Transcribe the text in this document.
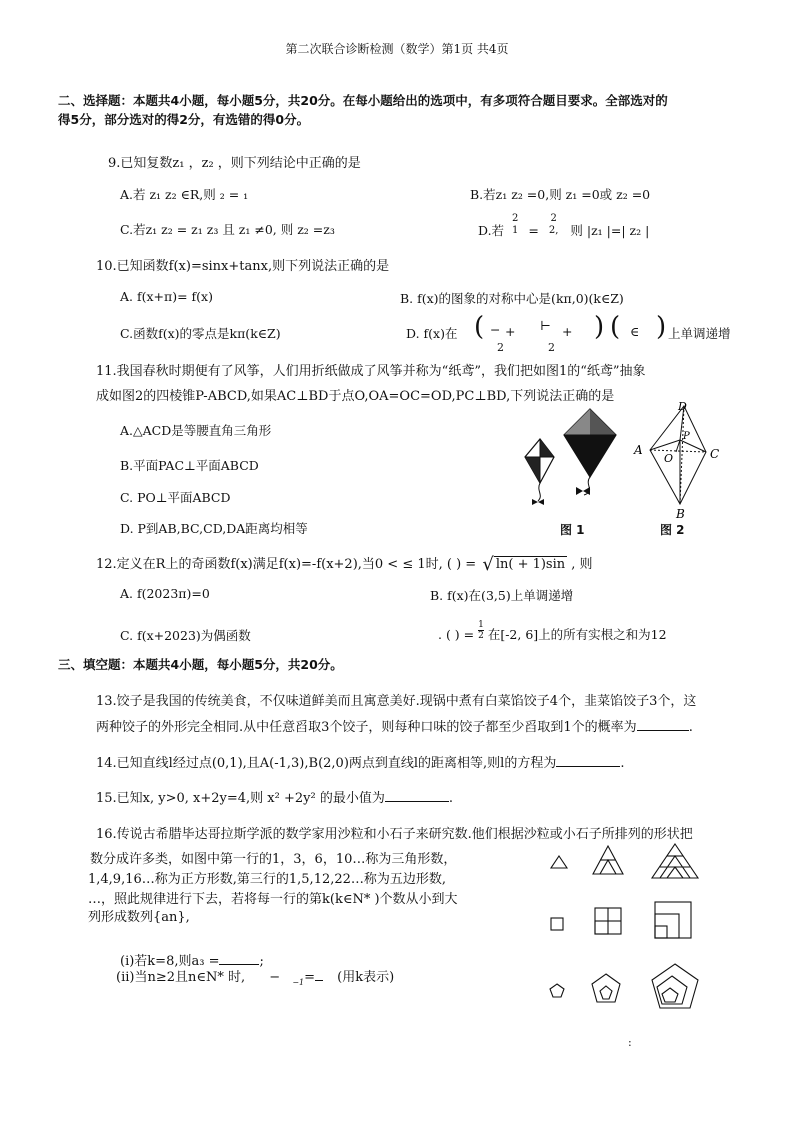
第二次联合诊断检测（数学）第1页 共4页
二、选择题：本题共4小题，每小题5分，共20分。在每小题给出的选项中，有多项符合题目要求。全部选对的
得5分，部分选对的得2分，有选错的得0分。
9.已知复数z₁ ，z₂ ，则下列结论中正确的是
A.若 z₁ z₂ ∈R,则 ₂ = ₁	B.若z₁ z₂ =0,则 z₁ =0或 z₂ =0
C.若z₁ z₂ = z₁ z₃ 且 z₁ ≠0, 则 z₂ =z₃	D.若 2
1 = 2
2, 则 |z₁ |=| z₂ |
10.已知函数f(x)=sinx+tanx,则下列说法正确的是
A. f(x+π)= f(x)	B. f(x)的图象的对称中心是(kπ,0)(k∈Z)
C.函数f(x)的零点是kπ(k∈Z)	D. f(x)在 ( − +
2
⊢ +
2
) ( ∈ ) 上单调递增
11.我国春秋时期便有了风筝，人们用折纸做成了风筝并称为“纸鸢”，我们把如图1的“纸鸢”抽象
成如图2的四棱锥P-ABCD,如果AC⊥BD于点O,OA=OC=OD,PC⊥BD,下列说法正确的是
A.△ACD是等腰直角三角形
B.平面PAC⊥平面ABCD
C. PO⊥平面ABCD
D. P到AB,BC,CD,DA距离均相等	图 1
A	C
D
B
O
P
图 2
12.定义在R上的奇函数f(x)满足f(x)=-f(x+2),当0 < ≤ 1时, ( ) = √ ln( + 1)sin , 则
A. f(2023π)=0	B. f(x)在(3,5)上单调递增
C. f(x+2023)为偶函数	. ( ) = $\frac{1}{2}$ 在[-2, 6]上的所有实根之和为12
三、填空题：本题共4小题，每小题5分，共20分。
13.饺子是我国的传统美食，不仅味道鲜美而且寓意美好.现锅中煮有白菜馅饺子4个，韭菜馅饺子3个，这
两种饺子的外形完全相同.从中任意舀取3个饺子，则每种口味的饺子都至少舀取到1个的概率为	.
14.已知直线l经过点(0,1),且A(-1,3),B(2,0)两点到直线l的距离相等,则l的方程为	.
15.已知x, y>0, x+2y=4,则 x² +2y² 的最小值为	.
16.传说古希腊毕达哥拉斯学派的数学家用沙粒和小石子来研究数.他们根据沙粒或小石子所排列的形状把
数分成许多类，如图中第一行的1，3，6，10…称为三角形数，
1,4,9,16…称为正方形数,第三行的1,5,12,22…称为五边形数,
…，照此规律进行下去，若将每一行的第k(k∈N* )个数从小到大
列形成数列{an},
(i)若k=8,则a₃ =	;
(ii)当n≥2且n∈N* 时, − $_{-1}$= (用k表示)
:
